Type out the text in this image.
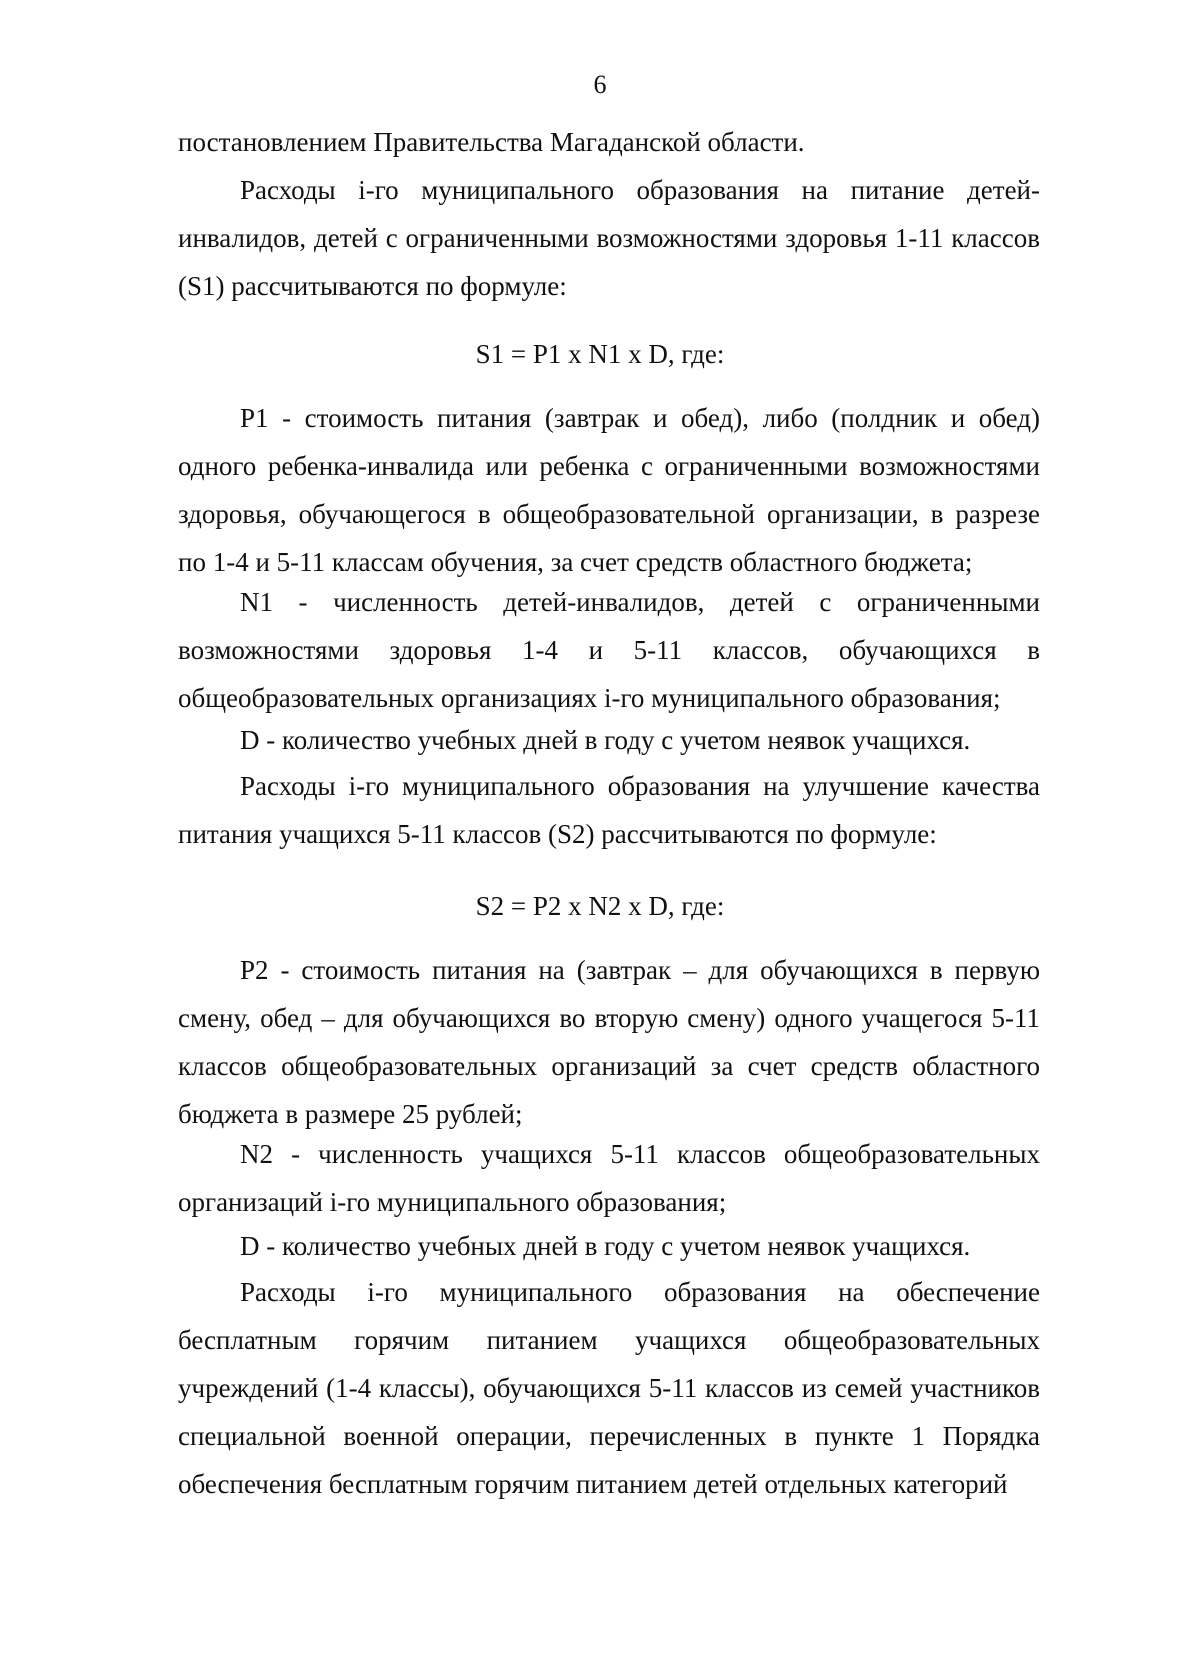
6

постановлением Правительства Магаданской области.

Расходы i-го муниципального образования на питание детей-инвалидов, детей с ограниченными возможностями здоровья 1-11 классов (S1) рассчитываются по формуле:

S1 = P1 x N1 x D, где:

P1 - стоимость питания (завтрак и обед), либо (полдник и обед) одного ребенка-инвалида или ребенка с ограниченными возможностями здоровья, обучающегося в общеобразовательной организации, в разрезе по 1-4 и 5-11 классам обучения, за счет средств областного бюджета;

N1 - численность детей-инвалидов, детей с ограниченными возможностями здоровья 1-4 и 5-11 классов, обучающихся в общеобразовательных организациях i-го муниципального образования;

D - количество учебных дней в году с учетом неявок учащихся.

Расходы i-го муниципального образования на улучшение качества питания учащихся 5-11 классов (S2) рассчитываются по формуле:

S2 = P2 x N2 x D, где:

P2 - стоимость питания на (завтрак – для обучающихся в первую смену, обед – для обучающихся во вторую смену) одного учащегося 5-11 классов общеобразовательных организаций за счет средств областного бюджета в размере 25 рублей;

N2 - численность учащихся 5-11 классов общеобразовательных организаций i-го муниципального образования;

D - количество учебных дней в году с учетом неявок учащихся.

Расходы i-го муниципального образования на обеспечение бесплатным горячим питанием учащихся общеобразовательных учреждений (1-4 классы), обучающихся 5-11 классов из семей участников специальной военной операции, перечисленных в пункте 1 Порядка обеспечения бесплатным горячим питанием детей отдельных категорий
